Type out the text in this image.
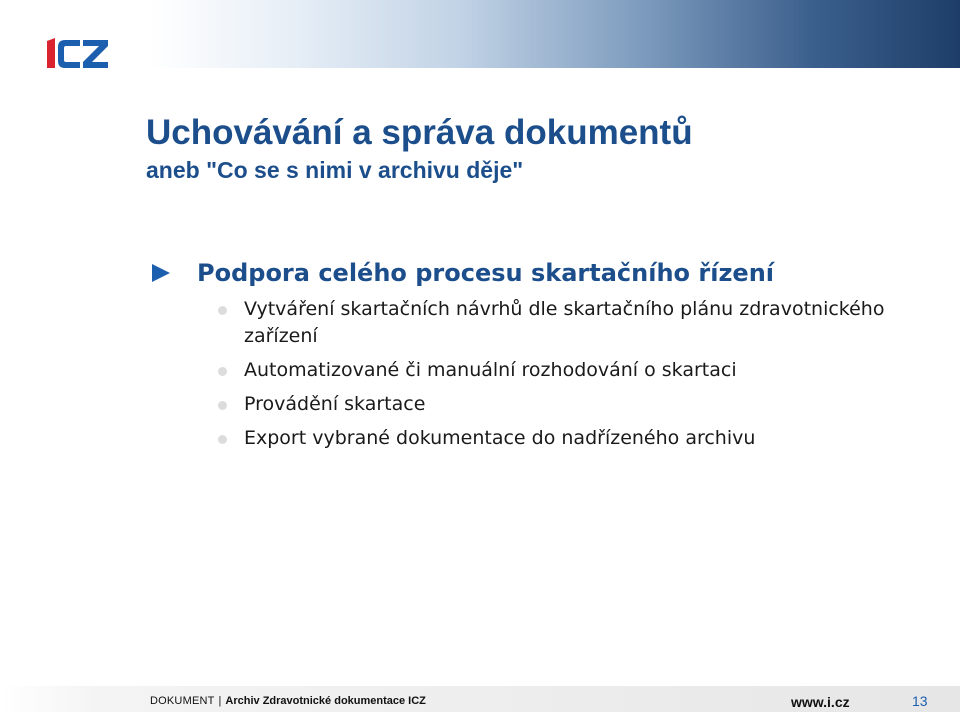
Uchovávání a správa dokumentů
aneb "Co se s nimi v archivu děje"
Podpora celého procesu skartačního řízení
Vytváření skartačních návrhů dle skartačního plánu zdravotnického zařízení
Automatizované či manuální rozhodování o skartaci
Provádění skartace
Export vybrané dokumentace do nadřízeného archivu
DOKUMENT | Archiv Zdravotnické dokumentace ICZ	www.i.cz	13
